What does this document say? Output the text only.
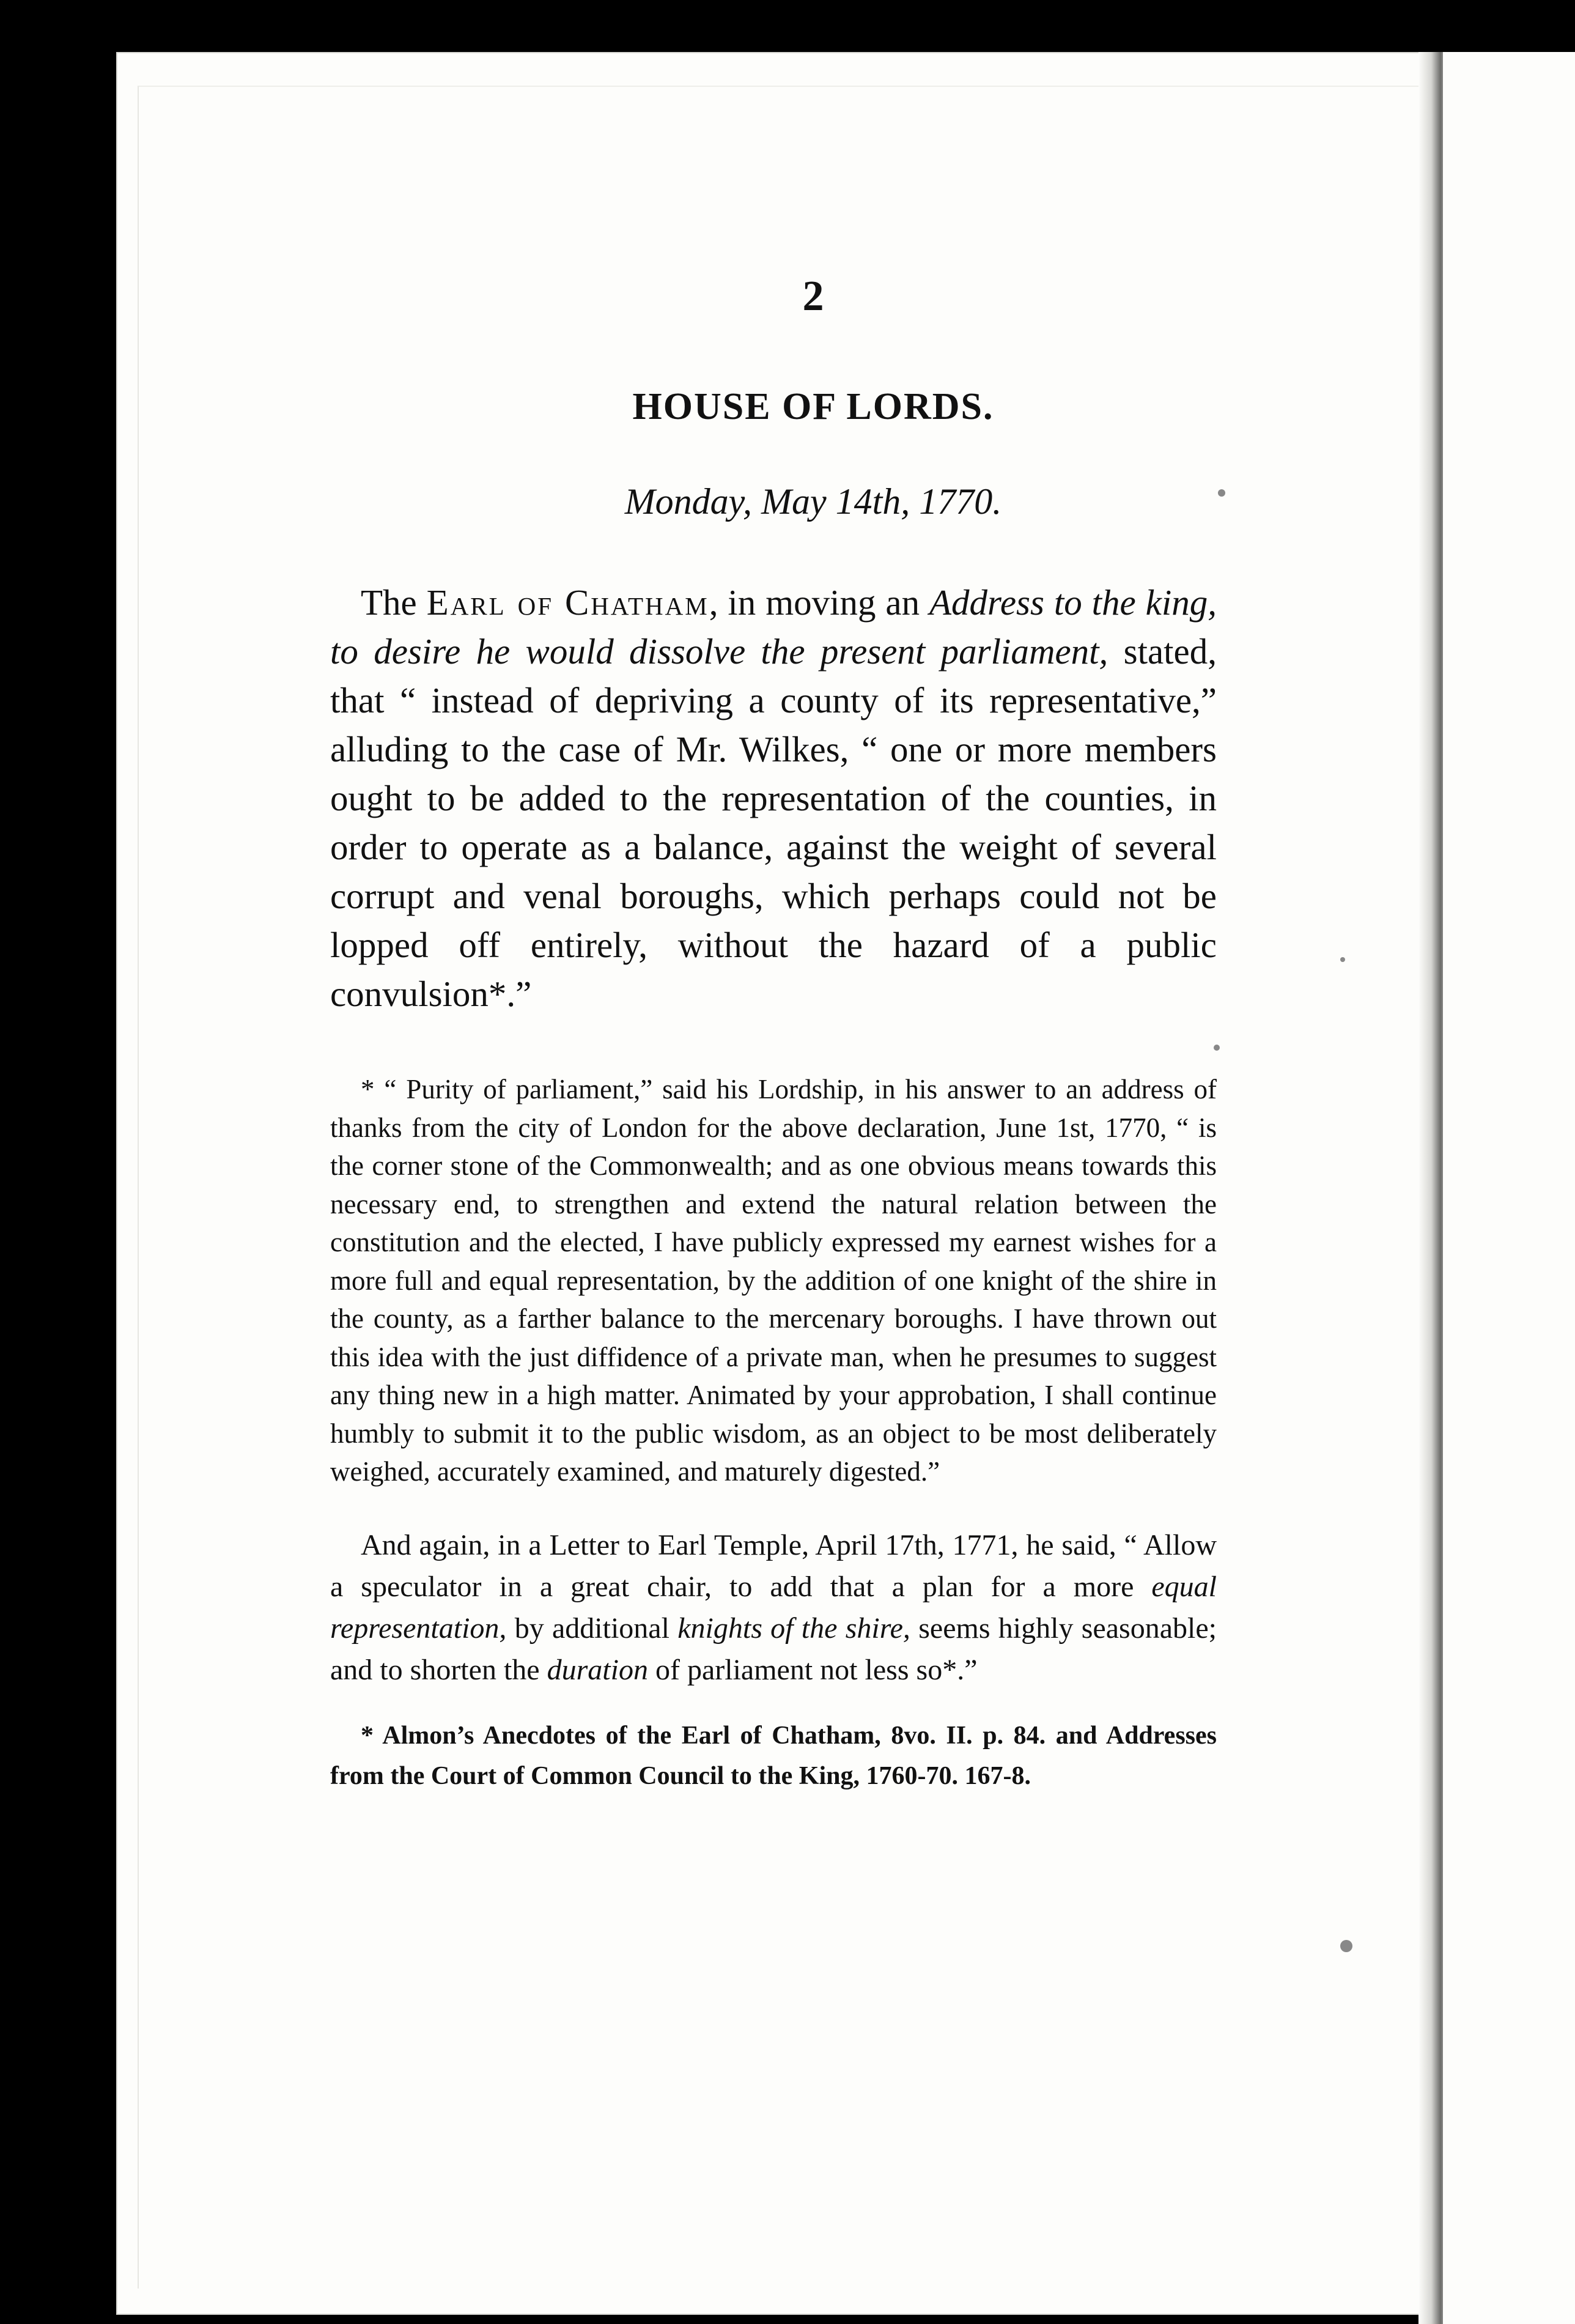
2

HOUSE OF LORDS.

Monday, May 14th, 1770.

The Earl of Chatham, in moving an Address to the king, to desire he would dissolve the present parliament, stated, that “ instead of depriving a county of its representative,” alluding to the case of Mr. Wilkes, “ one or more members ought to be added to the representation of the counties, in order to operate as a balance, against the weight of several corrupt and venal boroughs, which perhaps could not be lopped off entirely, without the hazard of a public convulsion*.”

* “ Purity of parliament,” said his Lordship, in his answer to an address of thanks from the city of London for the above declaration, June 1st, 1770, “ is the corner stone of the Commonwealth; and as one obvious means towards this necessary end, to strengthen and extend the natural relation between the constitution and the elected, I have publicly expressed my earnest wishes for a more full and equal representation, by the addition of one knight of the shire in the county, as a farther balance to the mercenary boroughs. I have thrown out this idea with the just diffidence of a private man, when he presumes to suggest any thing new in a high matter. Animated by your approbation, I shall continue humbly to submit it to the public wisdom, as an object to be most deliberately weighed, accurately examined, and maturely digested.”

And again, in a Letter to Earl Temple, April 17th, 1771, he said, “ Allow a speculator in a great chair, to add that a plan for a more equal representation, by additional knights of the shire, seems highly seasonable; and to shorten the duration of parliament not less so*.”

* Almon’s Anecdotes of the Earl of Chatham, 8vo. II. p. 84. and Addresses from the Court of Common Council to the King, 1760-70. 167-8.
